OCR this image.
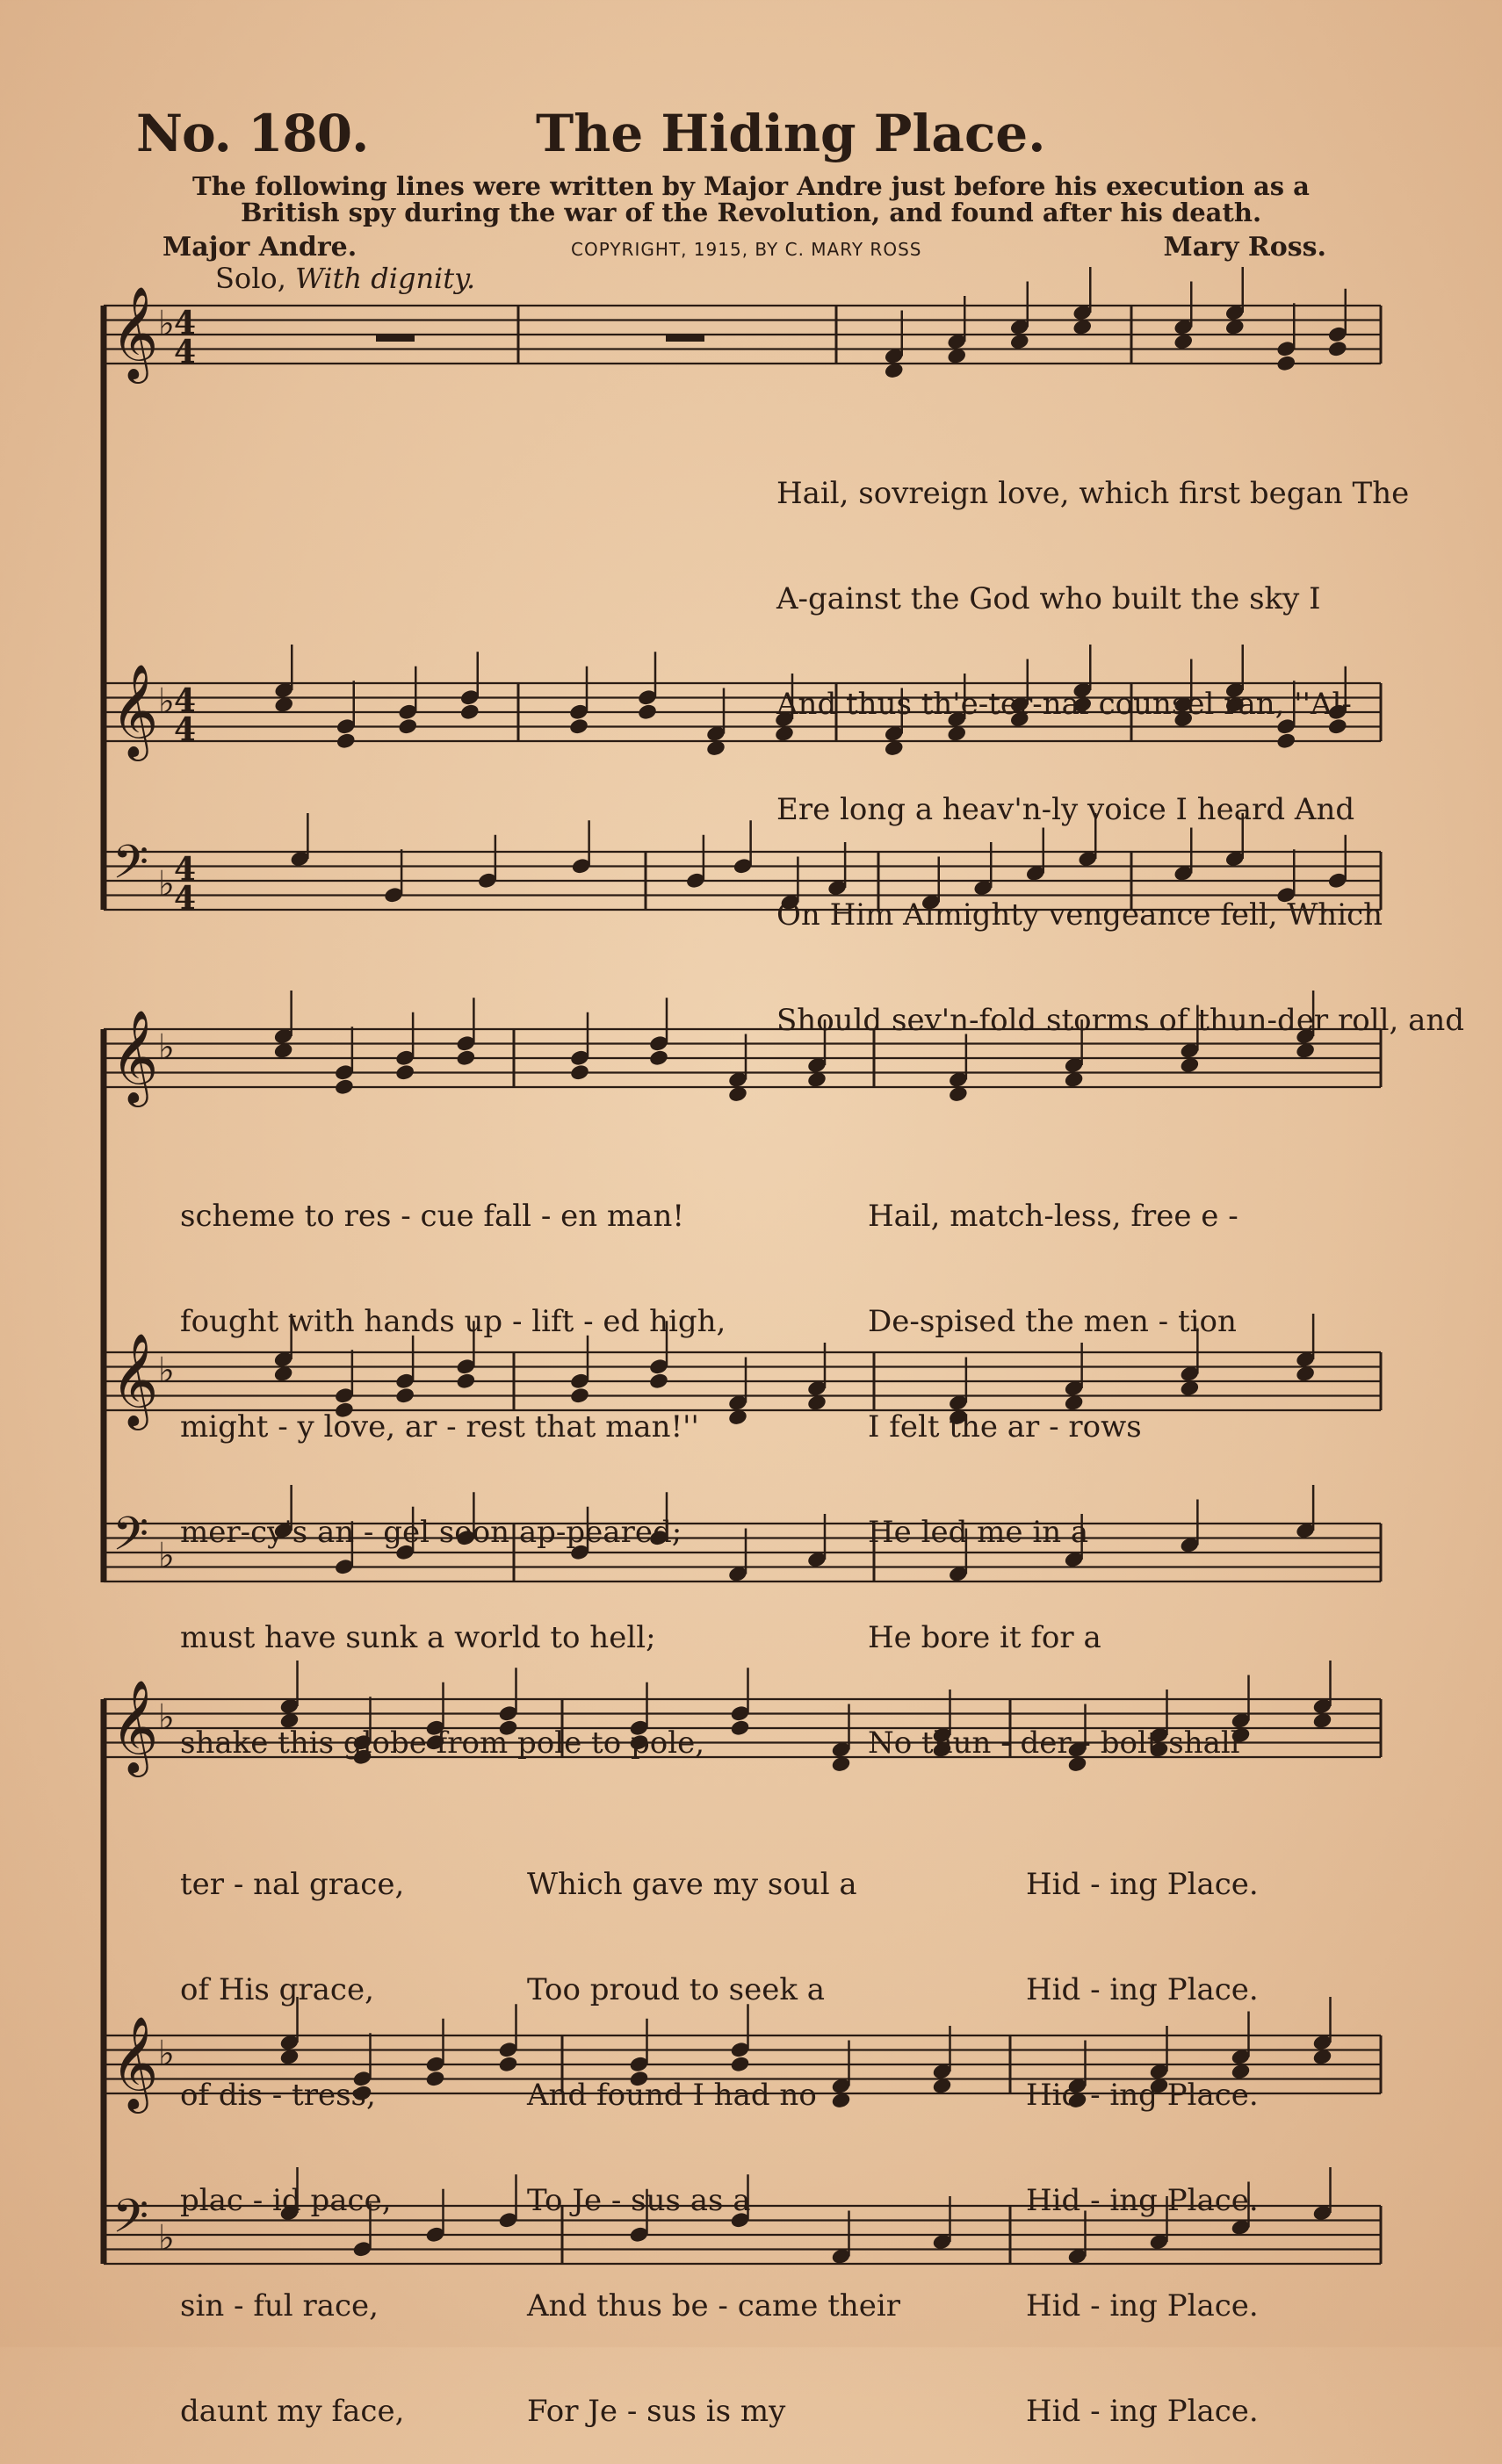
No. 180.	The Hiding Place.
The following lines were written by Major Andre just before his execution as a
British spy during the war of the Revolution, and found after his death.
Major Andre.	COPYRIGHT, 1915, BY C. MARY ROSS	Mary Ross.
Solo, With dignity.
𝄞 ♭ 4
4
𝄞 ♭ 4
4
𝄢 ♭ 4
4
𝄞 ♭
𝄞 ♭
𝄢 ♭
𝄞 ♭
𝄞 ♭
𝄢 ♭

Hail, sovreign love, which first began The

A-gainst the God who built the sky I

And thus th'e-ter-nal counsel ran, ''Al-

Ere long a heav'n-ly voice I heard And

On Him Almighty vengeance fell, Which

Should sev'n-fold storms of thun-der roll, and

scheme to res - cue fall - en man!

fought with hands up - lift - ed high,

might - y love, ar - rest that man!''

mer-cy's an - gel soon ap-peared;

must have sunk a world to hell;

shake this globe from pole to pole,

Hail, match-less, free e -

De-spised the men - tion

I felt the ar - rows

He led me in a

He bore it for a

No thun - der - bolt shall

ter - nal grace,

of His grace,

of dis - tress,

plac - id pace,

sin - ful race,

daunt my face,

Which gave my soul a

Too proud to seek a

And found I had no

To Je - sus as a

And thus be - came their

For Je - sus is my

Hid - ing Place.

Hid - ing Place.

Hid - ing Place.

Hid - ing Place.

Hid - ing Place.

Hid - ing Place.
